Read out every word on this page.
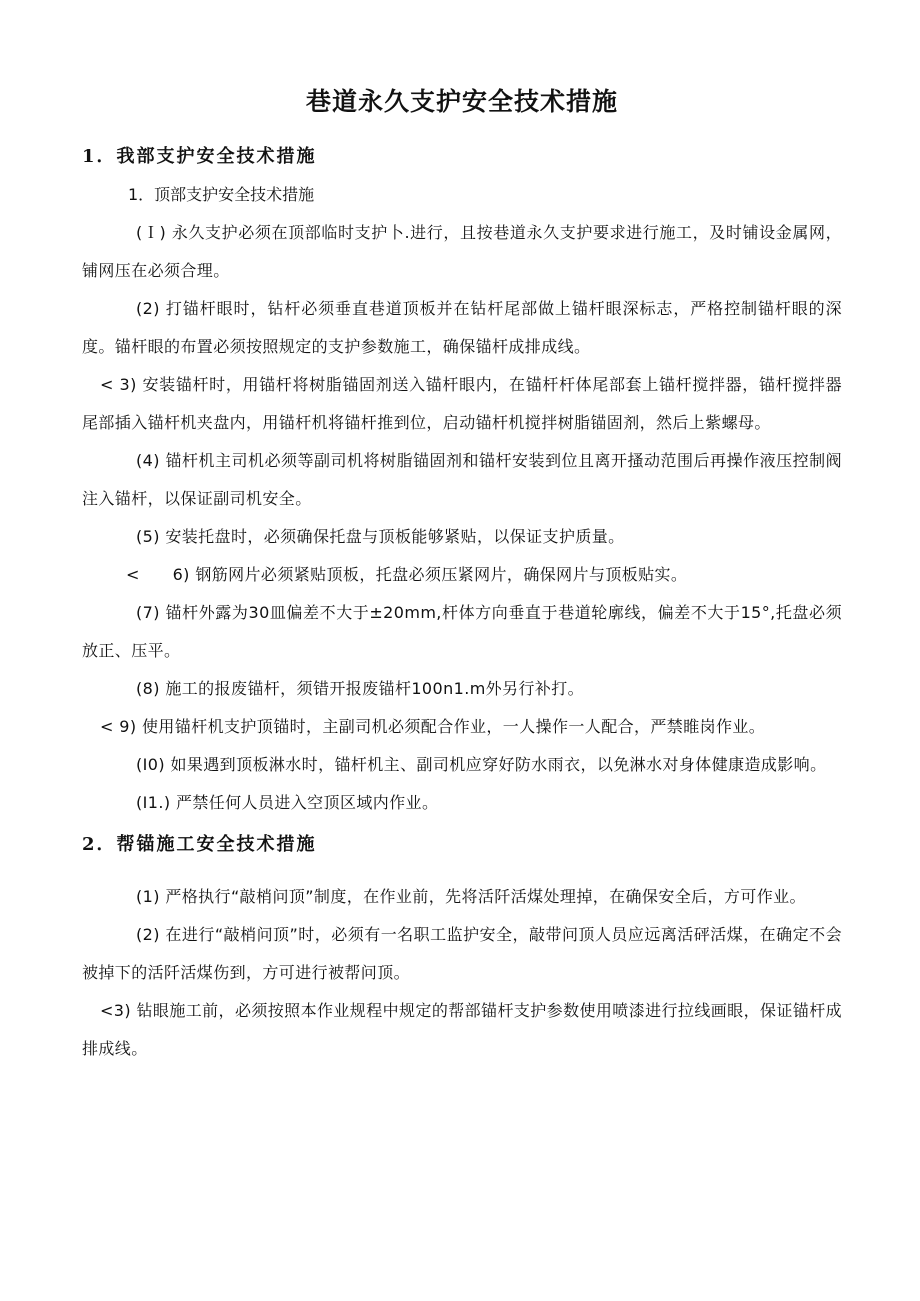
巷道永久支护安全技术措施
1．我部支护安全技术措施
1．顶部支护安全技术措施

(Ｉ) 永久支护必须在顶部临时支护卜.进行，且按巷道永久支护要求进行施工，及时铺设金属网，铺网压在必须合理。

(2) 打锚杆眼时，钻杆必须垂直巷道顶板并在钻杆尾部做上锚杆眼深标志，严格控制锚杆眼的深度。锚杆眼的布置必须按照规定的支护参数施工，确保锚杆成排成线。

< 3) 安装锚杆时，用锚杆将树脂锚固剂送入锚杆眼内，在锚杆杆体尾部套上锚杆搅拌器，锚杆搅拌器尾部插入锚杆机夹盘内，用锚杆机将锚杆推到位，启动锚杆机搅拌树脂锚固剂，然后上紫螺母。

(4) 锚杆机主司机必须等副司机将树脂锚固剂和锚杆安装到位且离开搔动范围后再操作液压控制阀注入锚杆，以保证副司机安全。

(5) 安装托盘时，必须确保托盘与顶板能够紧贴，以保证支护质量。

<　　6) 钢筋网片必须紧贴顶板，托盘必须压紧网片，确保网片与顶板贴实。

(7) 锚杆外露为30皿偏差不大于±20mm,杆体方向垂直于巷道轮廓线，偏差不大于15°,托盘必须放正、压平。

(8) 施工的报废锚杆，须错开报废锚杆100n1.m外另行补打。

< 9) 使用锚杆机支护顶锚时，主副司机必须配合作业，一人操作一人配合，严禁睢岗作业。

(I0) 如果遇到顶板淋水时，锚杆机主、副司机应穿好防水雨衣，以免淋水对身体健康造成影响。

(I1.) 严禁任何人员进入空顶区域内作业。

2．帮锚施工安全技术措施

(1) 严格执行“敲梢问顶”制度，在作业前，先将活阡活煤处理掉，在确保安全后，方可作业。

(2) 在进行“敲梢问顶”时，必须有一名职工监护安全，敲带问顶人员应远离活砰活煤，在确定不会被掉下的活阡活煤伤到，方可进行被帮问顶。

<3) 钻眼施工前，必须按照本作业规程中规定的帮部锚杆支护参数使用喷漆进行拉线画眼，保证锚杆成排成线。
